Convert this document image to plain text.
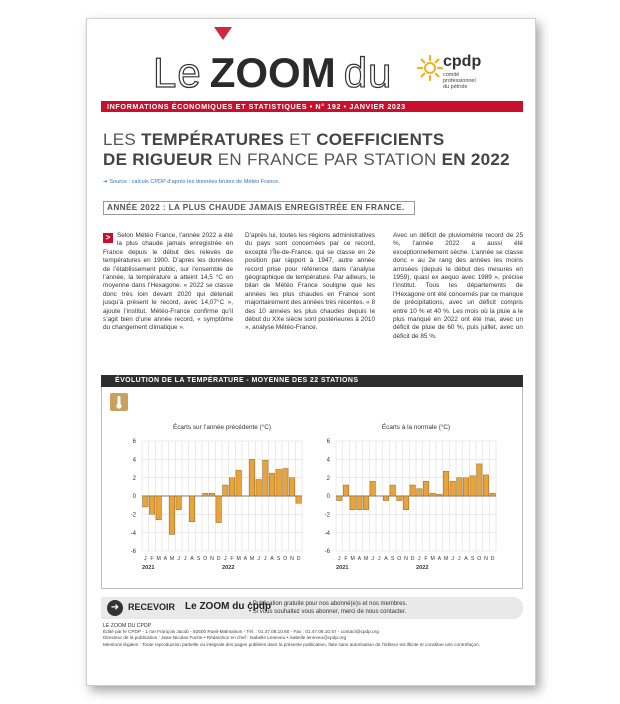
Le ZOOM du	cpdp
comité
professionnel
du pétrole
INFORMATIONS ÉCONOMIQUES ET STATISTIQUES • N° 192 • JANVIER 2023
LES TEMPÉRATURES ET COEFFICIENTS
DE RIGUEUR EN FRANCE PAR STATION EN 2022
➜ Source : calculs CPDP d’après les données brutes de Météo France.
ANNÉE 2022 : LA PLUS CHAUDE JAMAIS ENREGISTRÉE EN FRANCE.
>	Selon Météo France, l’année 2022 a été la plus chaude jamais enregistrée en France depuis le début des relevés de températures en 1900. D’après les données de l’établissement public, sur l’ensemble de l’année, la température a atteint 14,5 °C en moyenne dans l’Hexagone. « 2022 se classe donc très loin devant 2020 qui détenait jusqu’à présent le record, avec 14,07°C », ajoute l’institut. Météo-France confirme qu’il s’agit bien d’une année record, « symptôme du changement climatique ».
D’après lui, toutes les régions administratives du pays sont concernées par ce record, excepté l’Île-de-France, qui se classe en 2e position par rapport à 1947, autre année record prise pour référence dans l’analyse géographique de température. Par ailleurs, le bilan de Météo France souligne que les années les plus chaudes en France sont majoritairement des années très récentes. « 8 des 10 années les plus chaudes depuis le début du XXe siècle sont postérieures à 2010 », analyse Météo-France.
Avec un déficit de pluviométrie record de 25 %, l’année 2022 a aussi été exceptionnellement sèche. L’année se classe donc « au 2e rang des années les moins arrosées (depuis le début des mesures en 1959), quasi ex aequo avec 1989 », précise l’institut. Tous les départements de l’Hexagone ont été concernés par ce manque de précipitations, avec un déficit compris entre 10 % et 40 %. Les mois où la pluie a le plus manqué en 2022 ont été mai, avec un déficit de pluie de 60 %, puis juillet, avec un déficit de 85 %.
ÉVOLUTION DE LA TEMPÉRATURE - MOYENNE DES 22 STATIONS
Écarts sur l’année précédente (°C)
-6
-4
-2
0
2
4
6
J F M A M J J A S O N D J F M A M J J A S O N D
2021	2022
Écarts à la normale (°C)
-6
-4
-2
0
2
4
6
J F M A M J J A S O N D J F M A M J J A S O N D
2021	2022
➜ RECEVOIR Le ZOOM du cpdp
• Publication gratuite pour nos abonné(e)s et nos membres.
• Si vous souhaitez vous abonner, merci de nous contacter.
LE ZOOM DU CPDP
Édité par le CPDP - 1 rue François Jacob - 92500 Rueil-Malmaison - Tél. : 01.47.08.10.60 - Fax : 01.47.08.10.57 - contact@cpdp.org
Directeur de la publication : Jean-Nicolas Foche • Rédactrice en chef : Isabelle Leneveu • isabelle.leneveu@cpdp.org
Mentions légales : Toute reproduction partielle ou intégrale des pages publiées dans la présente publication, faite sans autorisation de l’éditeur est illicite et constitue une contrefaçon.
